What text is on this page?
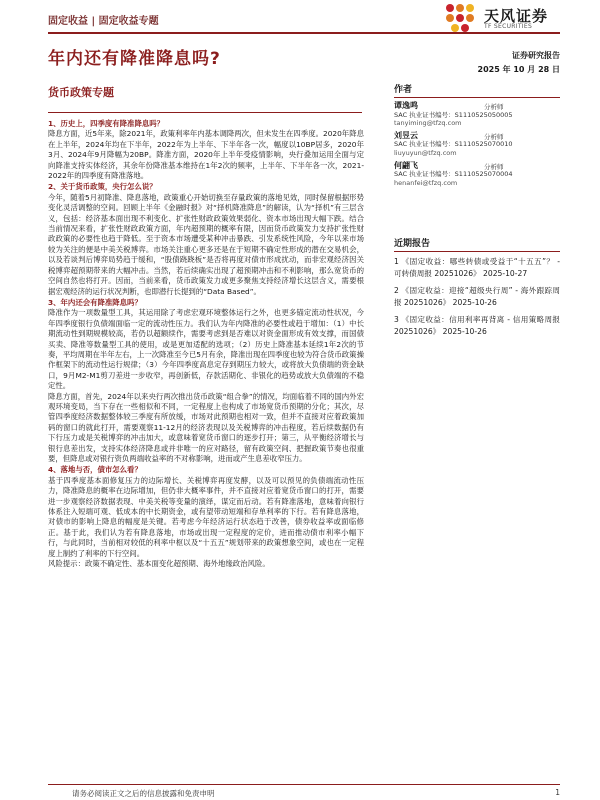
固定收益 | 固定收益专题	天风证券
TF SECURITIES
年内还有降准降息吗?	证券研究报告
2025 年 10 月 28 日
货币政策专题
1、历史上，四季度有降准降息吗？
降息方面，近5年来，除2021年，政策利率年内基本调降两次，但未发生在四季度。2020年降息在上半年，2024年均在下半年，2022年为上半年、下半年各一次，幅度以10BP居多，2020年3月、2024年9月降幅为20BP。降准方面，2020年上半年受疫情影响，央行叠加运用全面与定向降准支持实体经济，其余年份降准基本维持在1年2次的频率，上半年、下半年各一次，2021-2022年的四季度有降准落地。
2、关于货币政策，央行怎么说？
今年，随着5月初降准、降息落地，政策重心开始切换至存量政策的落地见效，同时保留根据形势变化灵活调整的空间。回顾上半年《金融时报》对“择机降准降息”的解读，认为“择机”有三层含义，包括：经济基本面出现不利变化、扩张性财政政策效果弱化、资本市场出现大幅下跌。结合当前情况来看，扩张性财政政策方面，年内超预期的概率有限，因而货币政策发力支持扩张性财政政策的必要性也趋于降低。至于资本市场遭受某种冲击暴跌、引发系统性风险，今年以来市场较为关注的便是中美关税博弈。市场关注重心更多还是在于短期不确定性形成的潜在交易机会，以及若谈判后博弈局势趋于缓和，“股债跷跷板”是否将再度对债市形成扰动，而非宏观经济因关税博弈超预期带来的大幅冲击。当然，若后续确实出现了超预期冲击和不利影响，那么宽货币的空间自然也将打开。因而，当前来看，货币政策发力或更多聚焦支持经济增长这层含义，需要根据宏观经济的运行状况判断，也即潜行长提到的“Data Based”。
3、年内还会有降准降息吗？
降准作为一项数量型工具，其运用除了考虑宏观环境整体运行之外，也更多锚定流动性状况，今年四季度银行负债端面临一定的流动性压力。我们认为年内降准的必要性或趋于增加：（1）中长期流动性到期规模较高，若仍以超额续作，需要考虑到是否难以对资金面形成有效支撑，而国债买卖、降准等数量型工具的使用，或是更加适配的选项；（2）历史上降准基本延续1年2次的节奏，平均周期在半年左右，上一次降准至今已5月有余，降准出现在四季度也较为符合货币政策操作框架下的流动性运行规律；（3）今年四季度高息定存到期压力较大，或将放大负债端的资金缺口，9月M2-M1剪刀差进一步收窄，再创新低，存款活期化、非银化的趋势或放大负债端的不稳定性。
降息方面，首先，2024年以来央行两次推出货币政策“组合拳”的情况，均面临着不同的国内外宏观环境变局，当下存在一些相似和不同，一定程度上也构成了市场宽货币预期的分化；其次，尽管四季度经济数据整体较三季度有所放缓，市场对此预期也相对一致，但并不直接对应着政策加码的窗口的就此打开，需要观察11-12月的经济表现以及关税博弈的冲击程度，若后续数据仍有下行压力或是关税博弈的冲击加大，或意味着宽货币窗口的逐步打开；第三，从平衡经济增长与银行息差出发，支持实体经济降息或并非唯一的应对路径，留有政策空间、把握政策节奏也很重要，但降息或对银行资负两端收益率的不对称影响，进而或产生息差收窄压力。
4、落地与否，债市怎么看？
基于四季度基本面修复压力的边际增长、关税博弈再度发酵，以及可以预见的负债端流动性压力，降准降息的概率在边际增加，但仍非大概率事件，并不直接对应着宽货币窗口的打开，需要进一步观察经济数据表现、中美关税等变量的演绎，谋定而后动。若有降准落地，意味着向银行体系注入短端可观、低成本的中长期资金，或有望带动短端和存单利率的下行。若有降息落地，对债市的影响上降息的幅度是关键。若考虑今年经济运行状态趋于改善，债券收益率或面临修正。基于此，我们认为若有降息落地，市场或出现一定程度的定价，进而推动债市利率小幅下行，与此同时，当前相对较低的利率中枢以及“十五五”规划带来的政策想象空间，或也在一定程度上制约了利率的下行空间。
风险提示：政策不确定性、基本面变化超预期、海外地缘政治风险。
作者
谭逸鸣	分析师
SAC 执业证书编号：S1110525050005
tanyiming@tfzq.com
刘昱云	分析师
SAC 执业证书编号：S1110525070010
liuyuyun@tfzq.com
何翩飞	分析师
SAC 执业证书编号：S1110525070004
henanfei@tfzq.com
近期报告
1 《固定收益：哪些转债或受益于“十五五”？ - 可转债周报 20251026》 2025-10-27
2 《固定收益：迎接“超级央行周” - 海外跟踪周报 20251026》 2025-10-26
3 《固定收益：信用利率再背离 - 信用策略周报 20251026》 2025-10-26
请务必阅读正文之后的信息披露和免责申明	1
